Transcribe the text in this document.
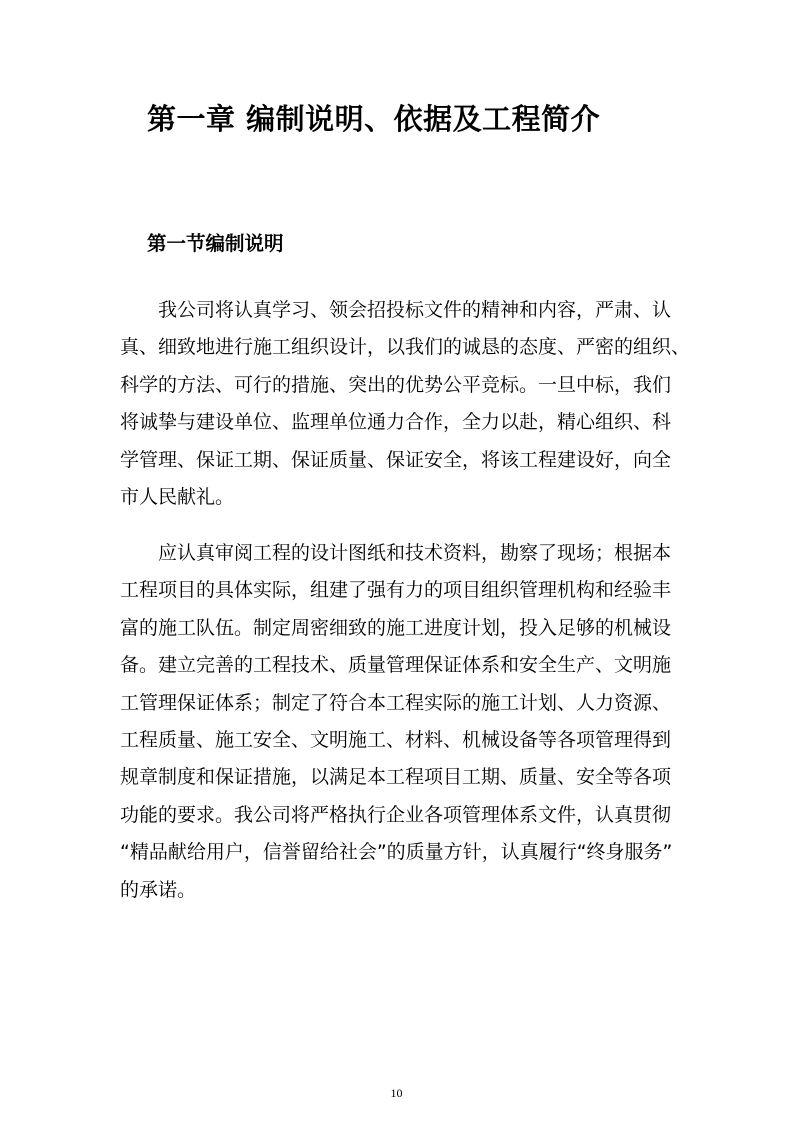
第一章 编制说明、依据及工程简介
第一节编制说明
我公司将认真学习、领会招投标文件的精神和内容，严肃、认
真、细致地进行施工组织设计，以我们的诚恳的态度、严密的组织、
科学的方法、可行的措施、突出的优势公平竞标。一旦中标，我们
将诚挚与建设单位、监理单位通力合作，全力以赴，精心组织、科
学管理、保证工期、保证质量、保证安全，将该工程建设好，向全
市人民献礼。
应认真审阅工程的设计图纸和技术资料，勘察了现场；根据本
工程项目的具体实际，组建了强有力的项目组织管理机构和经验丰
富的施工队伍。制定周密细致的施工进度计划，投入足够的机械设
备。建立完善的工程技术、质量管理保证体系和安全生产、文明施
工管理保证体系；制定了符合本工程实际的施工计划、人力资源、
工程质量、施工安全、文明施工、材料、机械设备等各项管理得到
规章制度和保证措施，以满足本工程项目工期、质量、安全等各项
功能的要求。我公司将严格执行企业各项管理体系文件，认真贯彻
“精品献给用户，信誉留给社会”的质量方针，认真履行“终身服务”
的承诺。
10
